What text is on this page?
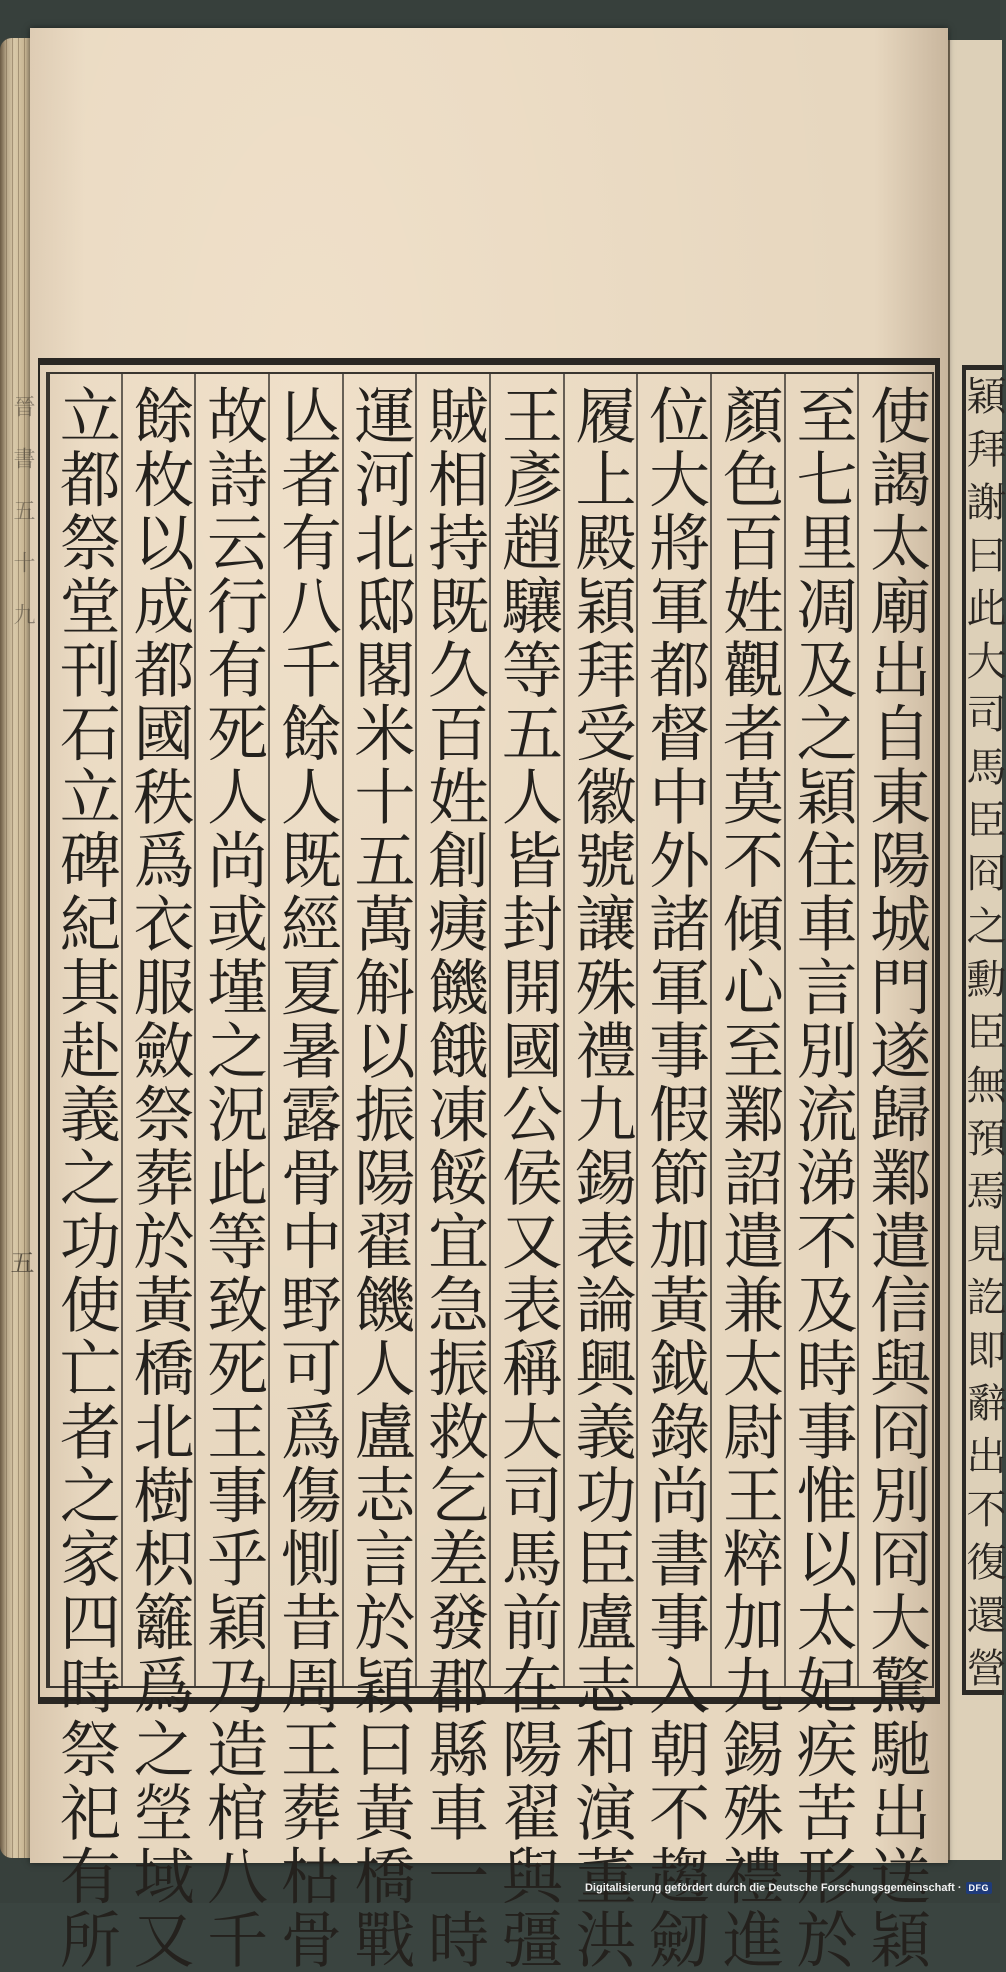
穎拜謝曰此大司馬臣冏之勳臣無預焉見訖即辭出不復還營
晉書五十九
五	使謁太廟出自東陽城門遂歸鄴遣信與冏別冏大驚馳出送穎
至七里凋及之穎住車言別流涕不及時事惟以太妃疾苦形於
顏色百姓觀者莫不傾心至鄴詔遣兼太尉王粹加九錫殊禮進
位大將軍都督中外諸軍事假節加黃鉞錄尚書事入朝不趨劒
履上殿穎拜受徽號讓殊禮九錫表論興義功臣盧志和演董洪
王彥趙驤等五人皆封開國公侯又表稱大司馬前在陽翟與彊
賊相持既久百姓創痍饑餓凍餒宜急振救乞差發郡縣車一時
運河北邸閣米十五萬斛以振陽翟饑人盧志言於穎曰黃橋戰
亾者有八千餘人既經夏暑露骨中野可爲傷惻昔周王葬枯骨
故詩云行有死人尚或墐之況此等致死王事乎穎乃造棺八千
餘枚以成都國秩爲衣服斂祭葬於黃橋北樹枳籬爲之塋域又
立都祭堂刊石立碑紀其赴義之功使亡者之家四時祭祀有所	Digitalisierung gefördert durch die Deutsche Forschungsgemeinschaft · DFG
